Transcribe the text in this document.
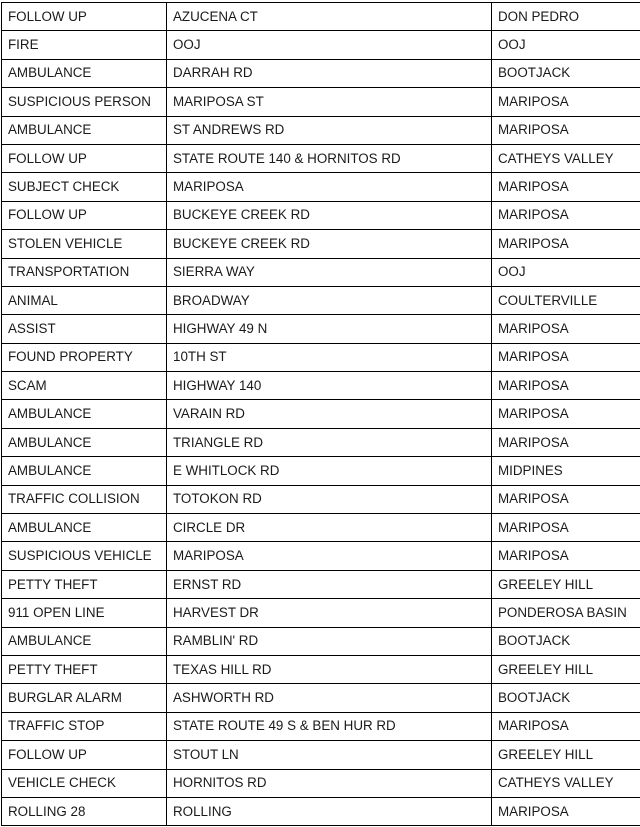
FOLLOW UP	AZUCENA CT	DON PEDRO
FIRE	OOJ	OOJ
AMBULANCE	DARRAH RD	BOOTJACK
SUSPICIOUS PERSON	MARIPOSA ST	MARIPOSA
AMBULANCE	ST ANDREWS RD	MARIPOSA
FOLLOW UP	STATE ROUTE 140 & HORNITOS RD	CATHEYS VALLEY
SUBJECT CHECK	MARIPOSA	MARIPOSA
FOLLOW UP	BUCKEYE CREEK RD	MARIPOSA
STOLEN VEHICLE	BUCKEYE CREEK RD	MARIPOSA
TRANSPORTATION	SIERRA WAY	OOJ
ANIMAL	BROADWAY	COULTERVILLE
ASSIST	HIGHWAY 49 N	MARIPOSA
FOUND PROPERTY	10TH ST	MARIPOSA
SCAM	HIGHWAY 140	MARIPOSA
AMBULANCE	VARAIN RD	MARIPOSA
AMBULANCE	TRIANGLE RD	MARIPOSA
AMBULANCE	E WHITLOCK RD	MIDPINES
TRAFFIC COLLISION	TOTOKON RD	MARIPOSA
AMBULANCE	CIRCLE DR	MARIPOSA
SUSPICIOUS VEHICLE	MARIPOSA	MARIPOSA
PETTY THEFT	ERNST RD	GREELEY HILL
911 OPEN LINE	HARVEST DR	PONDEROSA BASIN
AMBULANCE	RAMBLIN' RD	BOOTJACK
PETTY THEFT	TEXAS HILL RD	GREELEY HILL
BURGLAR ALARM	ASHWORTH RD	BOOTJACK
TRAFFIC STOP	STATE ROUTE 49 S & BEN HUR RD	MARIPOSA
FOLLOW UP	STOUT LN	GREELEY HILL
VEHICLE CHECK	HORNITOS RD	CATHEYS VALLEY
ROLLING 28	ROLLING	MARIPOSA
